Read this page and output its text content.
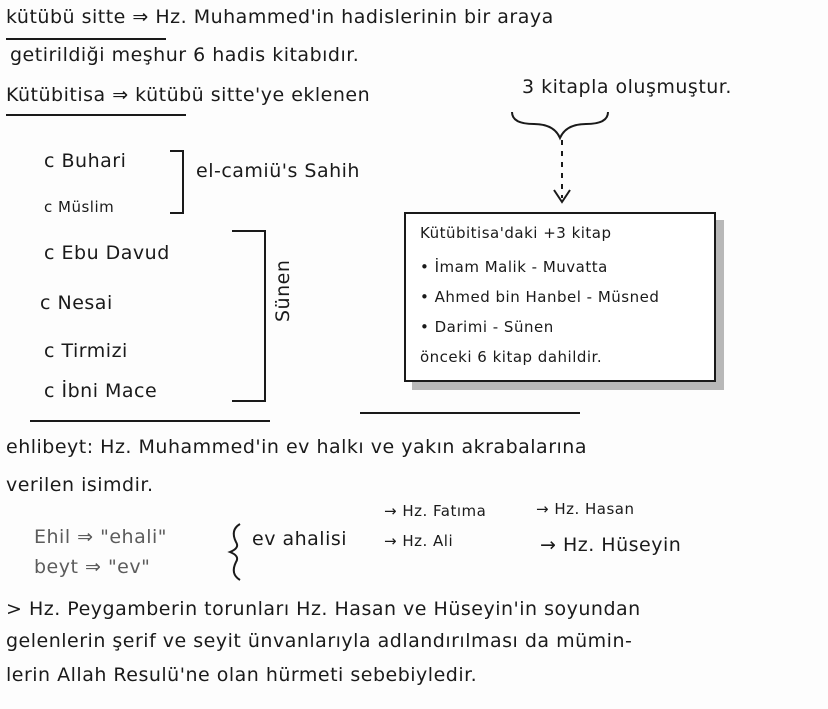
kütübü sitte ⇒ Hz. Muhammed'in hadislerinin bir araya
getirildiği meşhur 6 hadis kitabıdır.
Kütübitisa ⇒ kütübü sitte'ye eklenen	3 kitapla oluşmuştur.
c Buhari
c Müslim
el-camiü's Sahih
c Ebu Davud
c Nesai
c Tirmizi
c İbni Mace
Sünen
Kütübitisa'daki +3 kitap
• İmam Malik - Muvatta
• Ahmed bin Hanbel - Müsned
• Darimi - Sünen
önceki 6 kitap dahildir.
ehlibeyt: Hz. Muhammed'in ev halkı ve yakın akrabalarına
verilen isimdir.
Ehil ⇒ "ehali"
beyt ⇒ "ev"
ev ahalisi
→ Hz. Fatıma	→ Hz. Hasan
→ Hz. Ali	→ Hz. Hüseyin
> Hz. Peygamberin torunları Hz. Hasan ve Hüseyin'in soyundan
gelenlerin şerif ve seyit ünvanlarıyla adlandırılması da mümin-
lerin Allah Resulü'ne olan hürmeti sebebiyledir.
